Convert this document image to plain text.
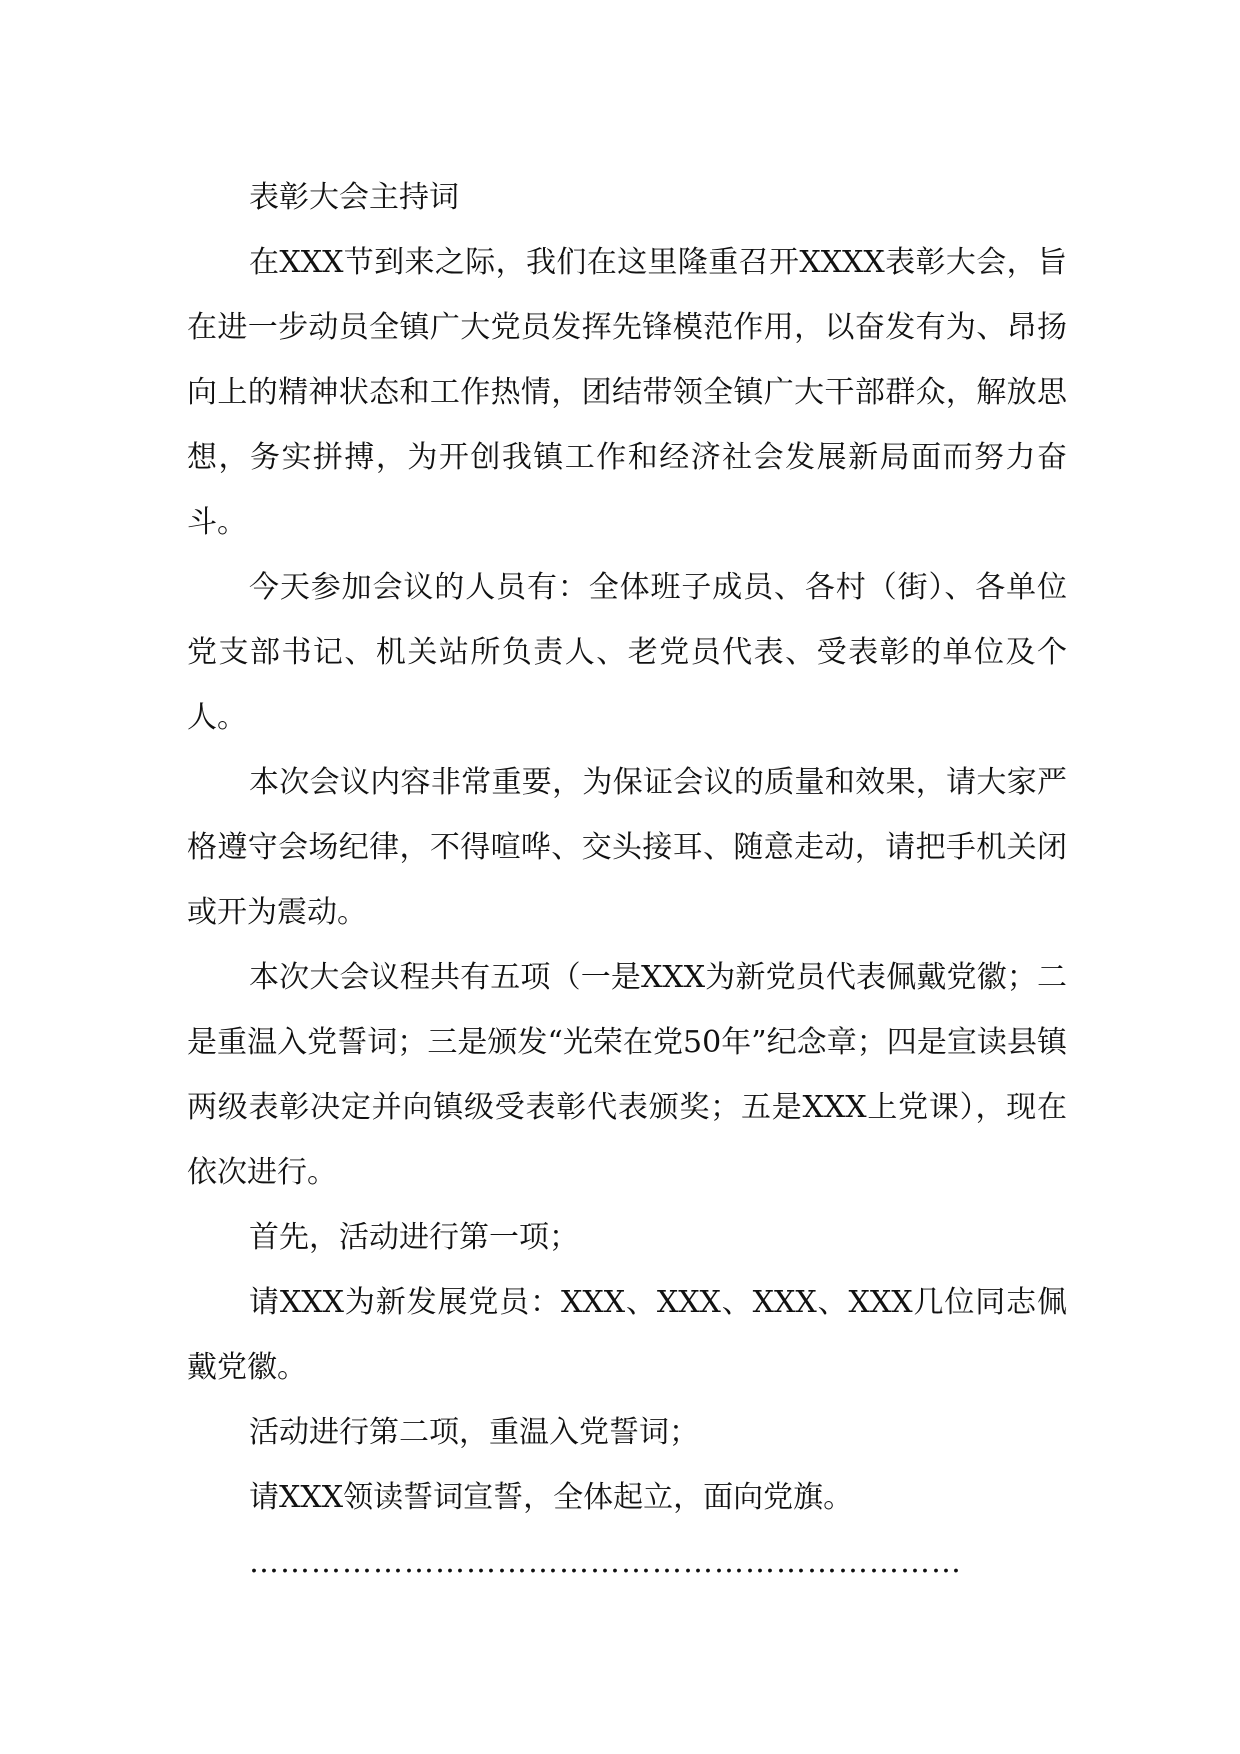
表彰大会主持词

在XXX节到来之际，我们在这里隆重召开XXXX表彰大会，旨在进一步动员全镇广大党员发挥先锋模范作用，以奋发有为、昂扬向上的精神状态和工作热情，团结带领全镇广大干部群众，解放思想，务实拼搏，为开创我镇工作和经济社会发展新局面而努力奋斗。

今天参加会议的人员有：全体班子成员、各村（街）、各单位党支部书记、机关站所负责人、老党员代表、受表彰的单位及个人。

本次会议内容非常重要，为保证会议的质量和效果，请大家严格遵守会场纪律，不得喧哗、交头接耳、随意走动，请把手机关闭或开为震动。

本次大会议程共有五项（一是XXX为新党员代表佩戴党徽；二是重温入党誓词；三是颁发“光荣在党50年”纪念章；四是宣读县镇两级表彰决定并向镇级受表彰代表颁奖；五是XXX上党课），现在依次进行。

首先，活动进行第一项；

请XXX为新发展党员：XXX、XXX、XXX、XXX几位同志佩戴党徽。

活动进行第二项，重温入党誓词；

请XXX领读誓词宣誓，全体起立，面向党旗。

……………………………………………………………
